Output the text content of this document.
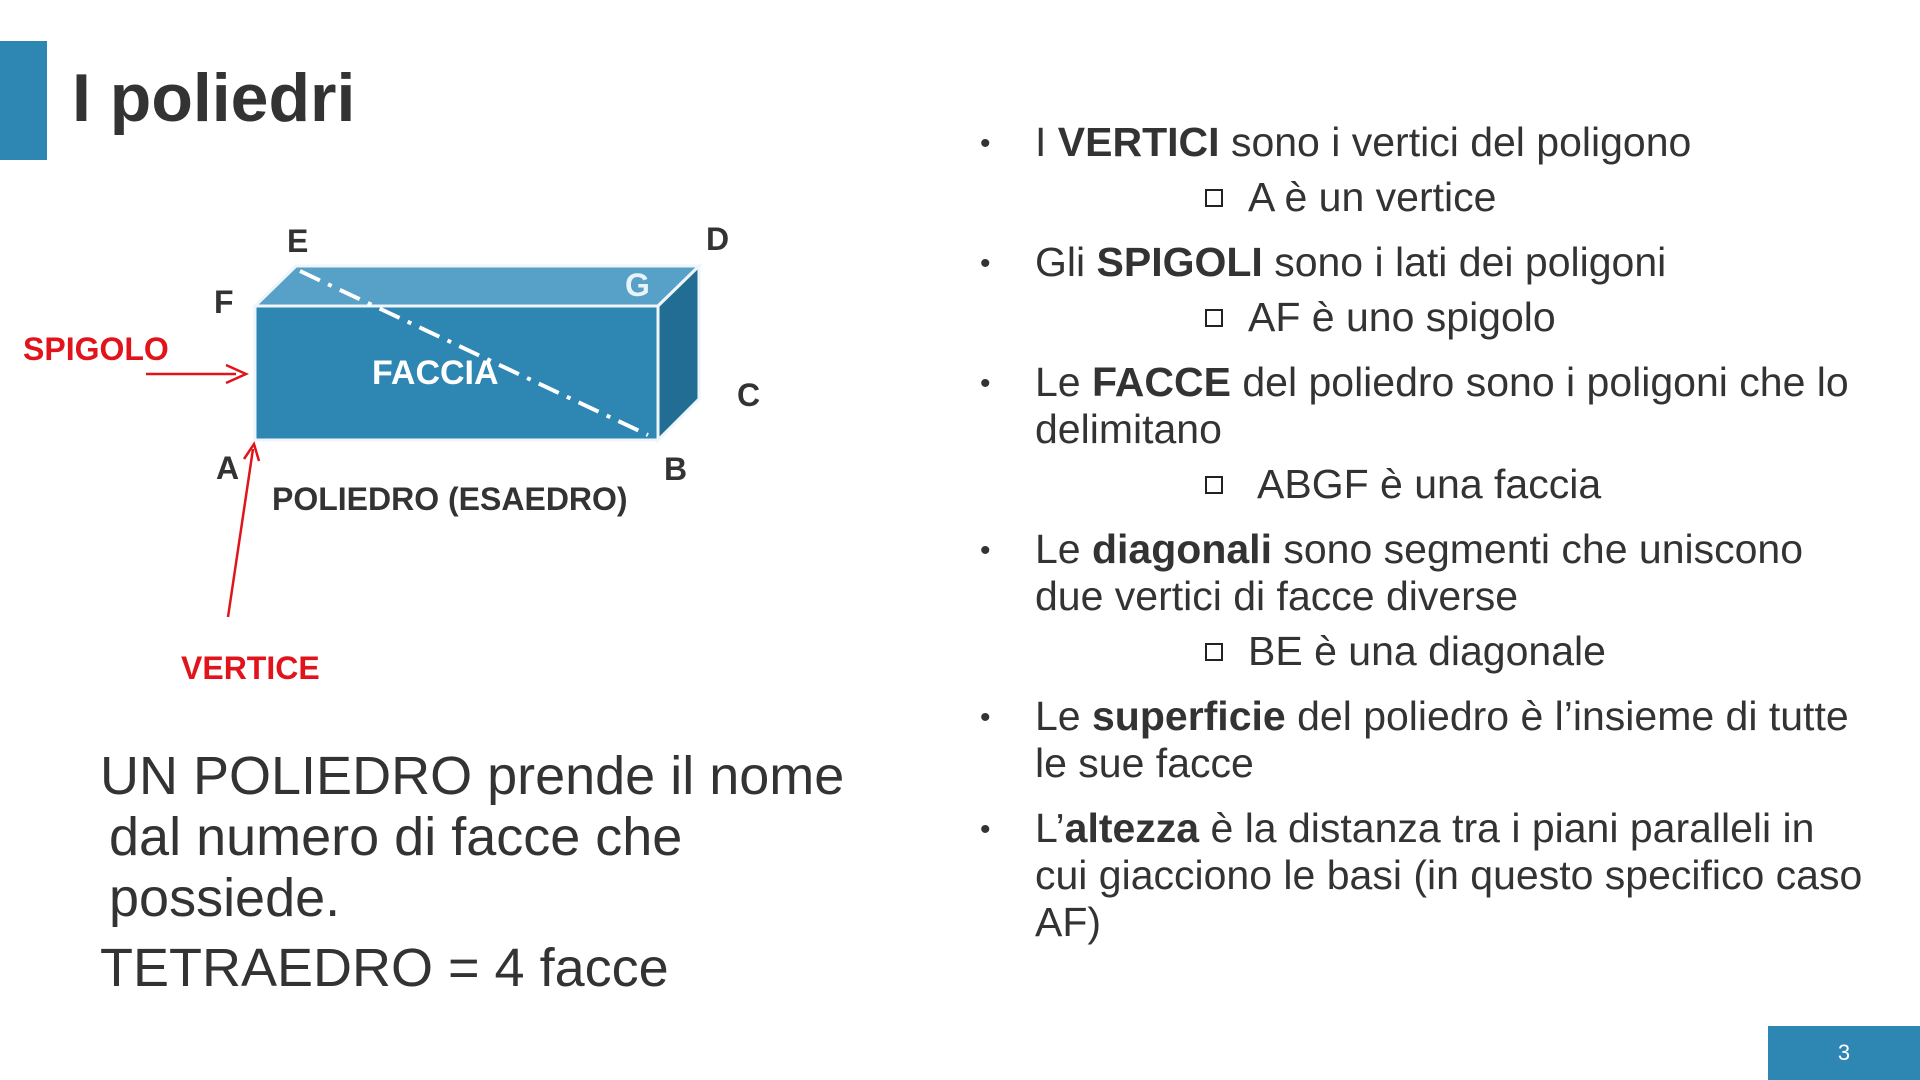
I poliedri
E	D
F	G
C
A	B
FACCIA
SPIGOLO
VERTICE
POLIEDRO (ESAEDRO)
UN POLIEDRO prende il nome
dal numero di facce che
possiede.
TETRAEDRO = 4 facce
• I VERTICI sono i vertici del poligono
A è un vertice
• Gli SPIGOLI sono i lati dei poligoni
AF è uno spigolo
• Le FACCE del poliedro sono i poligoni che lo delimitano
ABGF è una faccia
• Le diagonali sono segmenti che uniscono due vertici di facce diverse
BE è una diagonale
• Le superficie del poliedro è l’insieme di tutte le sue facce
• L’altezza è la distanza tra i piani paralleli in cui giacciono le basi (in questo specifico caso AF)
3
